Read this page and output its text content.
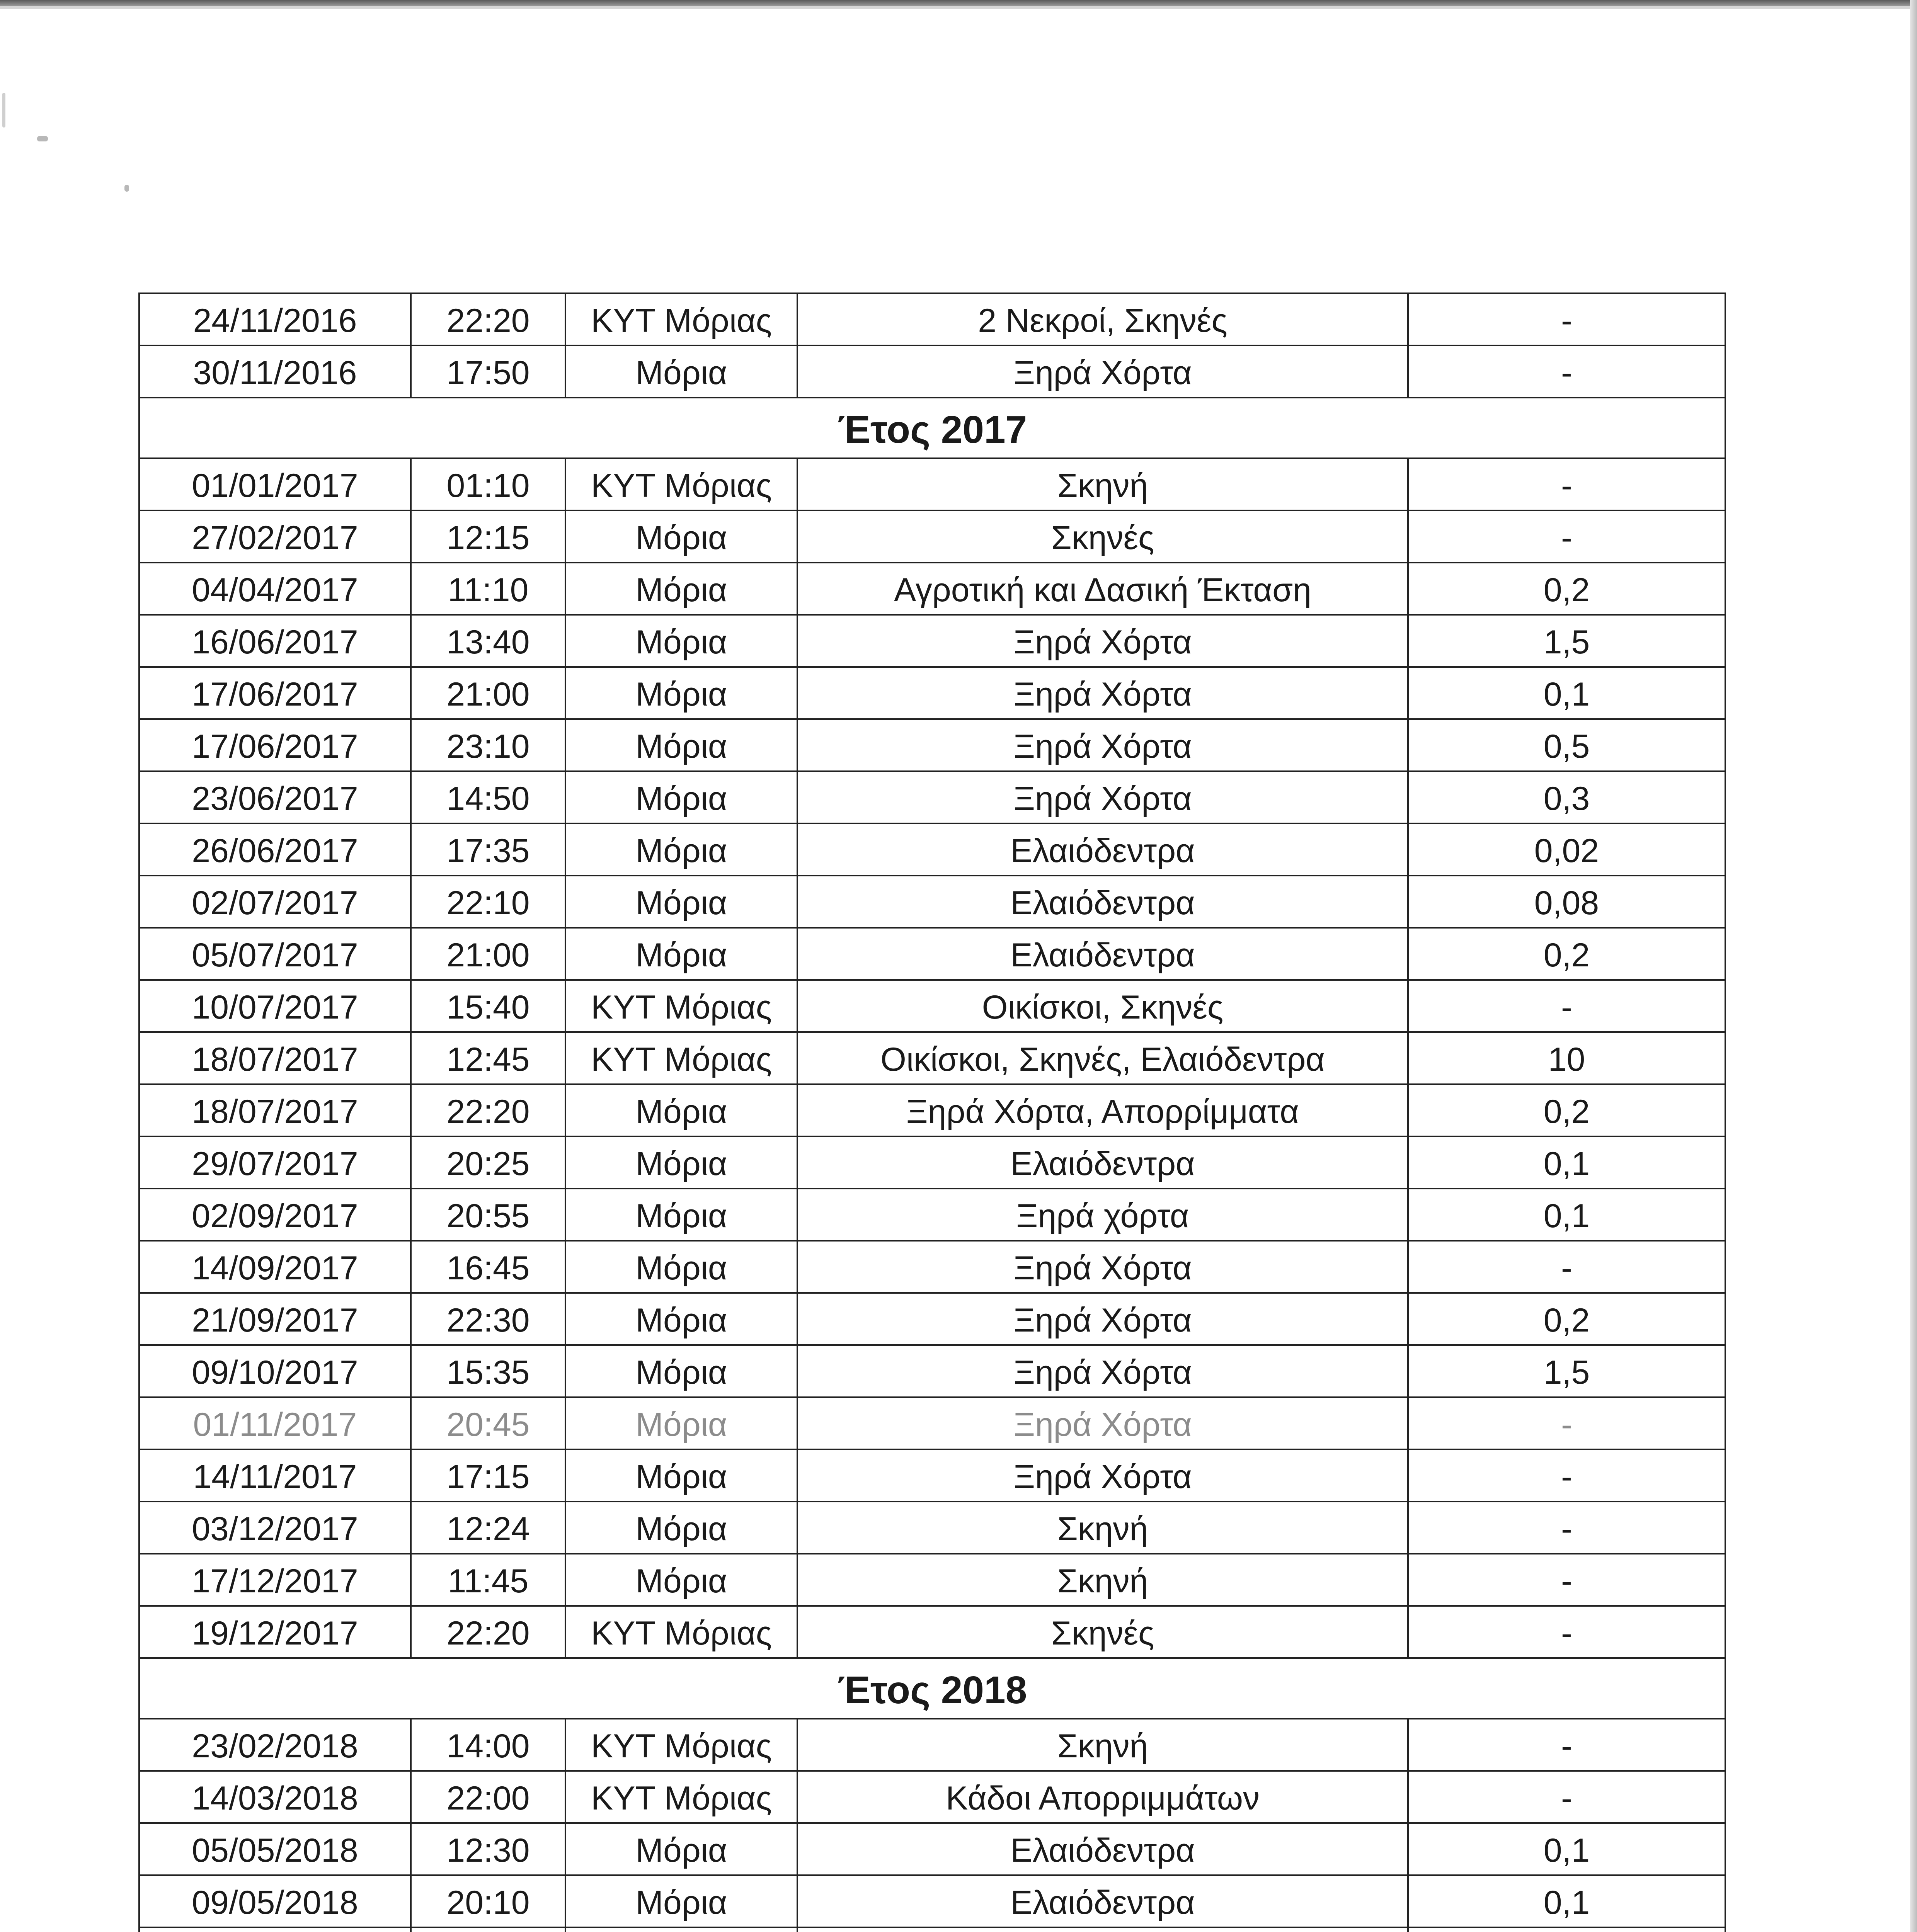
24/11/2016	22:20	ΚΥΤ Μόριας	2 Νεκροί, Σκηνές	-
30/11/2016	17:50	Μόρια	Ξηρά Χόρτα	-
Έτος 2017
01/01/2017	01:10	ΚΥΤ Μόριας	Σκηνή	-
27/02/2017	12:15	Μόρια	Σκηνές	-
04/04/2017	11:10	Μόρια	Αγροτική και Δασική Έκταση	0,2
16/06/2017	13:40	Μόρια	Ξηρά Χόρτα	1,5
17/06/2017	21:00	Μόρια	Ξηρά Χόρτα	0,1
17/06/2017	23:10	Μόρια	Ξηρά Χόρτα	0,5
23/06/2017	14:50	Μόρια	Ξηρά Χόρτα	0,3
26/06/2017	17:35	Μόρια	Ελαιόδεντρα	0,02
02/07/2017	22:10	Μόρια	Ελαιόδεντρα	0,08
05/07/2017	21:00	Μόρια	Ελαιόδεντρα	0,2
10/07/2017	15:40	ΚΥΤ Μόριας	Οικίσκοι, Σκηνές	-
18/07/2017	12:45	ΚΥΤ Μόριας	Οικίσκοι, Σκηνές, Ελαιόδεντρα	10
18/07/2017	22:20	Μόρια	Ξηρά Χόρτα, Απορρίμματα	0,2
29/07/2017	20:25	Μόρια	Ελαιόδεντρα	0,1
02/09/2017	20:55	Μόρια	Ξηρά χόρτα	0,1
14/09/2017	16:45	Μόρια	Ξηρά Χόρτα	-
21/09/2017	22:30	Μόρια	Ξηρά Χόρτα	0,2
09/10/2017	15:35	Μόρια	Ξηρά Χόρτα	1,5
01/11/2017	20:45	Μόρια	Ξηρά Χόρτα	-
14/11/2017	17:15	Μόρια	Ξηρά Χόρτα	-
03/12/2017	12:24	Μόρια	Σκηνή	-
17/12/2017	11:45	Μόρια	Σκηνή	-
19/12/2017	22:20	ΚΥΤ Μόριας	Σκηνές	-
Έτος 2018
23/02/2018	14:00	ΚΥΤ Μόριας	Σκηνή	-
14/03/2018	22:00	ΚΥΤ Μόριας	Κάδοι Απορριμμάτων	-
05/05/2018	12:30	Μόρια	Ελαιόδεντρα	0,1
09/05/2018	20:10	Μόρια	Ελαιόδεντρα	0,1
